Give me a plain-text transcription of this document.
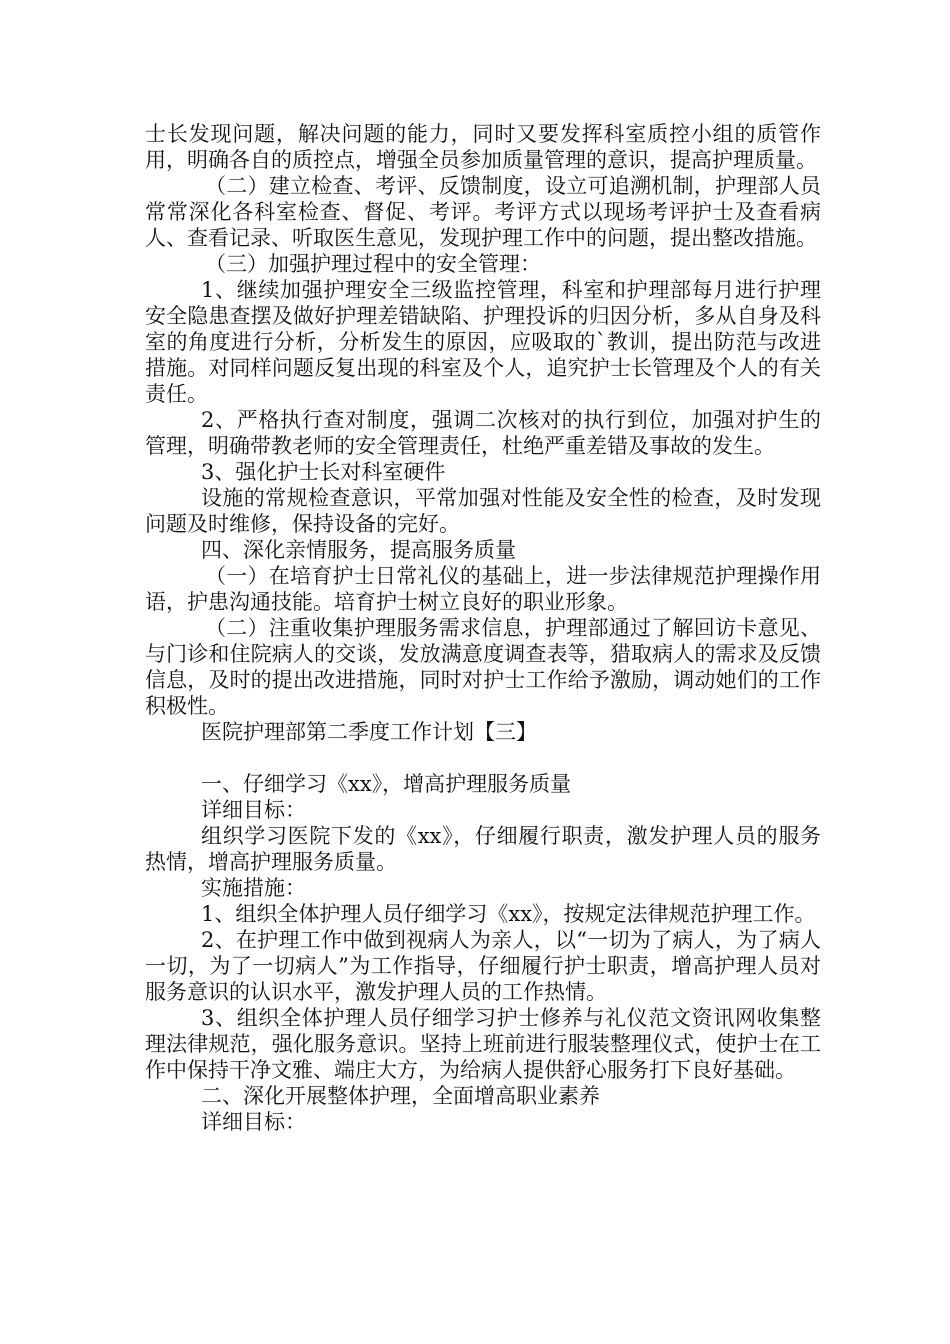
士长发现问题，解决问题的能力，同时又要发挥科室质控小组的质管作用，明确各自的质控点，增强全员参加质量管理的意识，提高护理质量。

（二）建立检查、考评、反馈制度，设立可追溯机制，护理部人员常常深化各科室检查、督促、考评。考评方式以现场考评护士及查看病人、查看记录、听取医生意见，发现护理工作中的问题，提出整改措施。

（三）加强护理过程中的安全管理：

1、继续加强护理安全三级监控管理，科室和护理部每月进行护理安全隐患查摆及做好护理差错缺陷、护理投诉的归因分析，多从自身及科室的角度进行分析，分析发生的原因，应吸取的`教训，提出防范与改进措施。对同样问题反复出现的科室及个人，追究护士长管理及个人的有关责任。

2、严格执行查对制度，强调二次核对的执行到位，加强对护生的管理，明确带教老师的安全管理责任，杜绝严重差错及事故的发生。

3、强化护士长对科室硬件

设施的常规检查意识，平常加强对性能及安全性的检查，及时发现问题及时维修，保持设备的完好。

四、深化亲情服务，提高服务质量

（一）在培育护士日常礼仪的基础上，进一步法律规范护理操作用语，护患沟通技能。培育护士树立良好的职业形象。

（二）注重收集护理服务需求信息，护理部通过了解回访卡意见、与门诊和住院病人的交谈，发放满意度调查表等，猎取病人的需求及反馈信息，及时的提出改进措施，同时对护士工作给予激励，调动她们的工作积极性。

医院护理部第二季度工作计划【三】

一、仔细学习《xx》，增高护理服务质量

详细目标：

组织学习医院下发的《xx》，仔细履行职责，激发护理人员的服务热情，增高护理服务质量。

实施措施：

1、组织全体护理人员仔细学习《xx》，按规定法律规范护理工作。

2、在护理工作中做到视病人为亲人，以“一切为了病人，为了病人一切，为了一切病人”为工作指导，仔细履行护士职责，增高护理人员对服务意识的认识水平，激发护理人员的工作热情。

3、组织全体护理人员仔细学习护士修养与礼仪范文资讯网收集整理法律规范，强化服务意识。坚持上班前进行服装整理仪式，使护士在工作中保持干净文雅、端庄大方，为给病人提供舒心服务打下良好基础。

二、深化开展整体护理，全面增高职业素养

详细目标：
